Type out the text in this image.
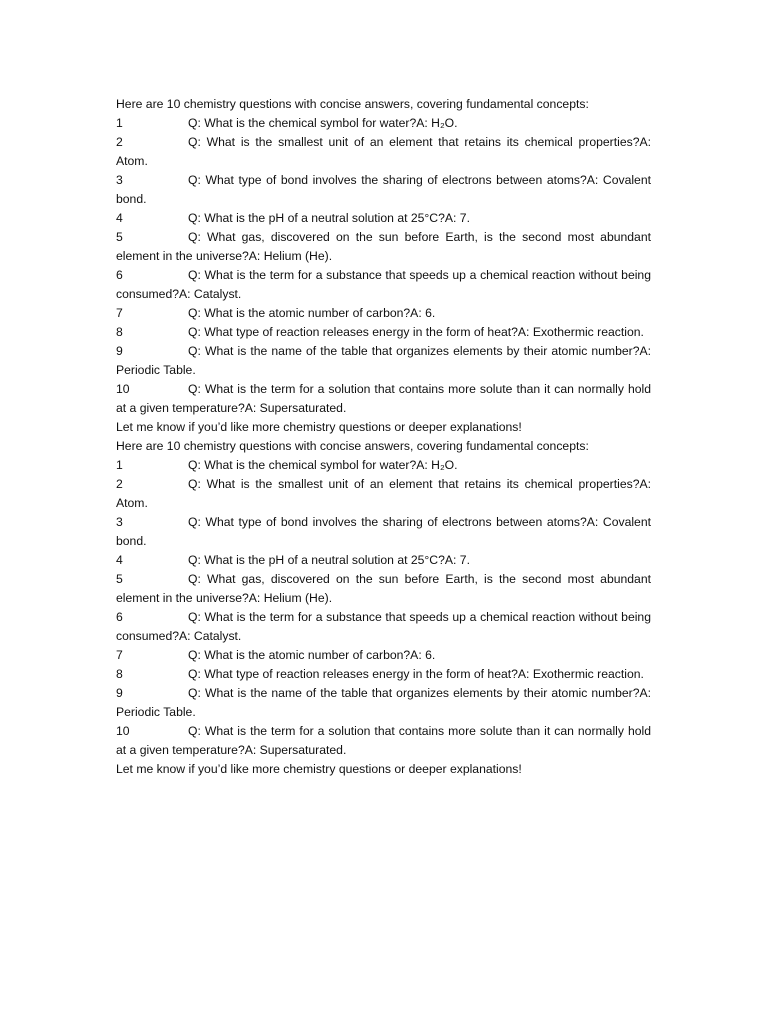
Here are 10 chemistry questions with concise answers, covering fundamental concepts:

1	Q: What is the chemical symbol for water?A: H₂O.

2	Q: What is the smallest unit of an element that retains its chemical properties?A: Atom.

3	Q: What type of bond involves the sharing of electrons between atoms?A: Covalent bond.

4	Q: What is the pH of a neutral solution at 25°C?A: 7.

5	Q: What gas, discovered on the sun before Earth, is the second most abundant element in the universe?A: Helium (He).

6	Q: What is the term for a substance that speeds up a chemical reaction without being consumed?A: Catalyst.

7	Q: What is the atomic number of carbon?A: 6.

8	Q: What type of reaction releases energy in the form of heat?A: Exothermic reaction.

9	Q: What is the name of the table that organizes elements by their atomic number?A: Periodic Table.

10	Q: What is the term for a solution that contains more solute than it can normally hold at a given temperature?A: Supersaturated.

Let me know if you’d like more chemistry questions or deeper explanations!

Here are 10 chemistry questions with concise answers, covering fundamental concepts:

1	Q: What is the chemical symbol for water?A: H₂O.

2	Q: What is the smallest unit of an element that retains its chemical properties?A: Atom.

3	Q: What type of bond involves the sharing of electrons between atoms?A: Covalent bond.

4	Q: What is the pH of a neutral solution at 25°C?A: 7.

5	Q: What gas, discovered on the sun before Earth, is the second most abundant element in the universe?A: Helium (He).

6	Q: What is the term for a substance that speeds up a chemical reaction without being consumed?A: Catalyst.

7	Q: What is the atomic number of carbon?A: 6.

8	Q: What type of reaction releases energy in the form of heat?A: Exothermic reaction.

9	Q: What is the name of the table that organizes elements by their atomic number?A: Periodic Table.

10	Q: What is the term for a solution that contains more solute than it can normally hold at a given temperature?A: Supersaturated.

Let me know if you’d like more chemistry questions or deeper explanations!
